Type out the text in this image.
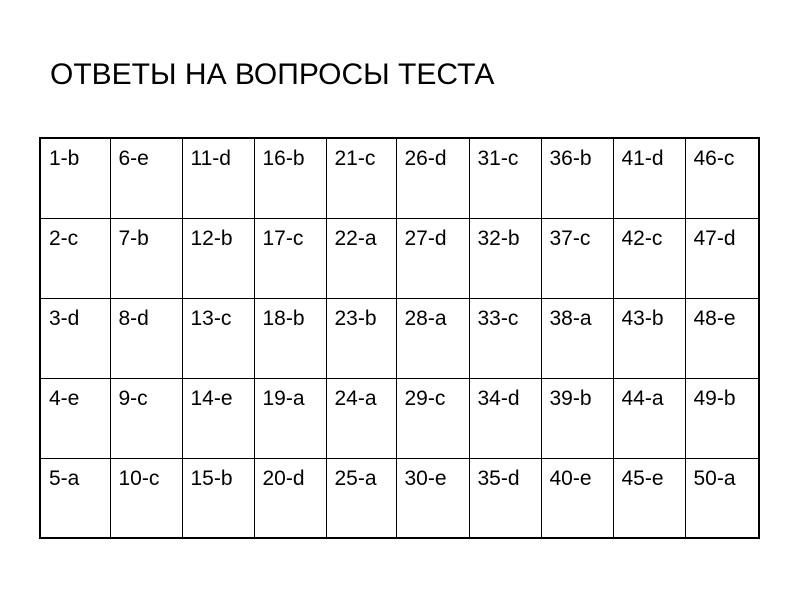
ОТВЕТЫ НА ВОПРОСЫ ТЕСТА
1-b	6-e	11-d	16-b	21-c	26-d	31-c	36-b	41-d	46-c
2-c	7-b	12-b	17-c	22-a	27-d	32-b	37-c	42-c	47-d
3-d	8-d	13-c	18-b	23-b	28-a	33-c	38-a	43-b	48-e
4-e	9-c	14-e	19-a	24-a	29-c	34-d	39-b	44-a	49-b
5-a	10-c	15-b	20-d	25-a	30-e	35-d	40-e	45-e	50-a
